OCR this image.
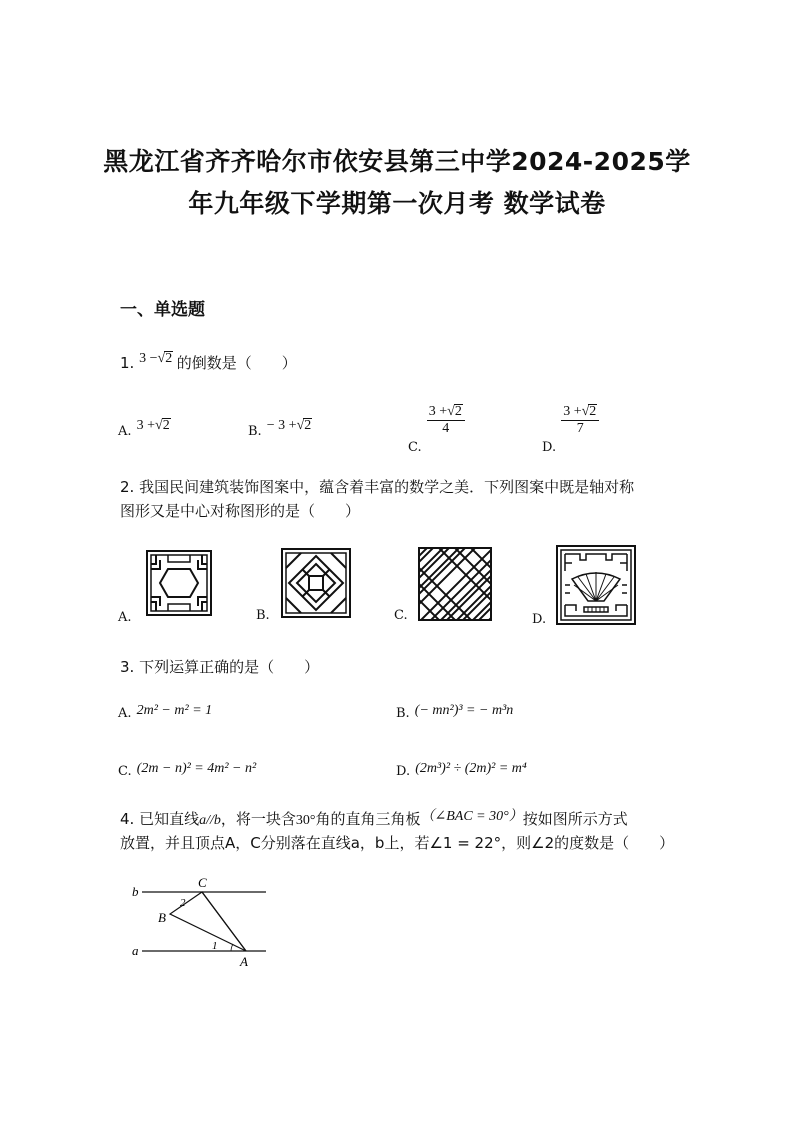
黑龙江省齐齐哈尔市依安县第三中学2024-2025学
年九年级下学期第一次月考 数学试卷
一、单选题
1. 3 −√2 的倒数是（　　）
A. 3 +√2	B. − 3 +√2
$_{C.}$
$\frac{3 +√2}{4}$
$_{D.}$
$\frac{3 +√2}{7}$
2. 我国民间建筑装饰图案中，蕴含着丰富的数学之美．下列图案中既是轴对称
图形又是中心对称图形的是（　　）
A.	B.	C.	D.
3. 下列运算正确的是（　　）
A. 2m² − m² = 1	B. (− mn²)³ = − m³n
C. (2m − n)² = 4m² − n²	D. (2m³)² ÷ (2m)² = m⁴
4. 已知直线a//b，将一块含30°角的直角三角板（∠BAC = 30°）按如图所示方式
放置，并且顶点A，C分别落在直线a，b上，若∠1 = 22°，则∠2的度数是（　　）
b
a
C
B
A
1
2
